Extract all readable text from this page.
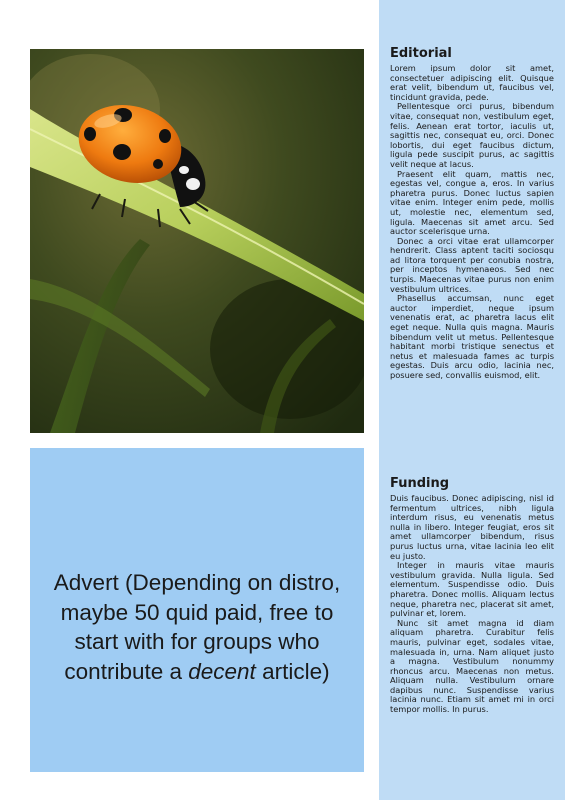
Advert (Depending on distro, maybe 50 quid paid, free to start with for groups who contribute a decent article)
Editorial

Lorem ipsum dolor sit amet, consectetuer adipiscing elit. Quisque erat velit, bibendum ut, faucibus vel, tincidunt gravida, pede.

Pellentesque orci purus, bibendum vitae, consequat non, vestibulum eget, felis. Aenean erat tortor, iaculis ut, sagittis nec, consequat eu, orci. Donec lobortis, dui eget faucibus dictum, ligula pede suscipit purus, ac sagittis velit neque at lacus.

Praesent elit quam, mattis nec, egestas vel, congue a, eros. In varius pharetra purus. Donec luctus sapien vitae enim. Integer enim pede, mollis ut, molestie nec, elementum sed, ligula. Maecenas sit amet arcu. Sed auctor scelerisque urna.

Donec a orci vitae erat ullamcorper hendrerit. Class aptent taciti sociosqu ad litora torquent per conubia nostra, per inceptos hymenaeos. Sed nec turpis. Maecenas vitae purus non enim vestibulum ultrices.

Phasellus accumsan, nunc eget auctor imperdiet, neque ipsum venenatis erat, ac pharetra lacus elit eget neque. Nulla quis magna. Mauris bibendum velit ut metus. Pellentesque habitant morbi tristique senectus et netus et malesuada fames ac turpis egestas. Duis arcu odio, lacinia nec, posuere sed, convallis euismod, elit.

Funding

Duis faucibus. Donec adipiscing, nisl id fermentum ultrices, nibh ligula interdum risus, eu venenatis metus nulla in libero. Integer feugiat, eros sit amet ullamcorper bibendum, risus purus luctus urna, vitae lacinia leo elit eu justo.

Integer in mauris vitae mauris vestibulum gravida. Nulla ligula. Sed elementum. Suspendisse odio. Duis pharetra. Donec mollis. Aliquam lectus neque, pharetra nec, placerat sit amet, pulvinar et, lorem.

Nunc sit amet magna id diam aliquam pharetra. Curabitur felis mauris, pulvinar eget, sodales vitae, malesuada in, urna. Nam aliquet justo a magna. Vestibulum nonummy rhoncus arcu. Maecenas non metus. Aliquam nulla. Vestibulum ornare dapibus nunc. Suspendisse varius lacinia nunc. Etiam sit amet mi in orci tempor mollis. In purus.
